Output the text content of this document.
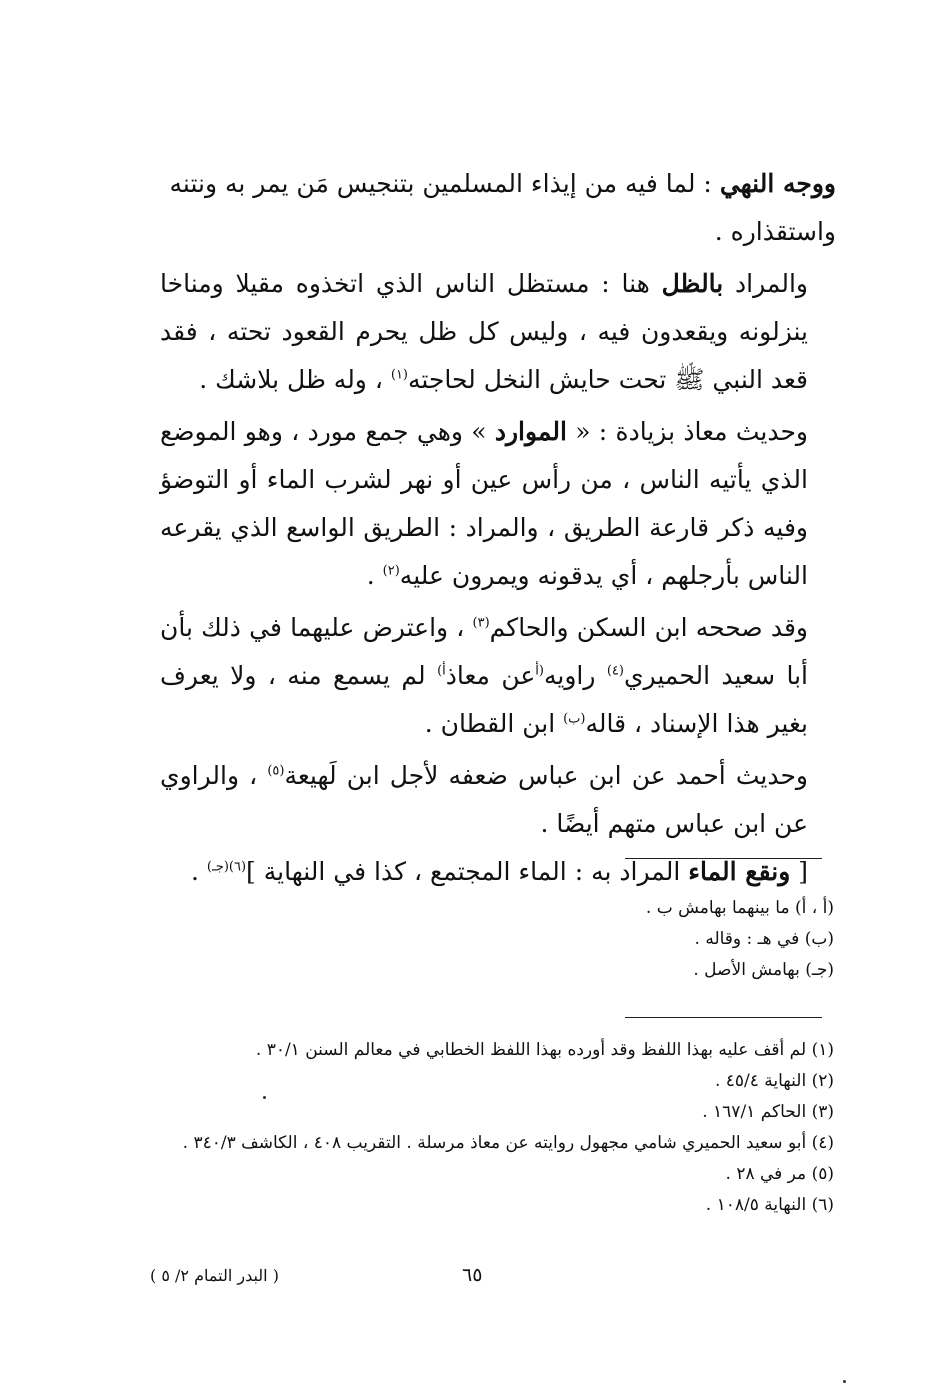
ووجه النهي : لما فيه من إيذاء المسلمين بتنجيس مَن يمر به ونتنه واستقذاره .

والمراد بالظل هنا : مستظل الناس الذي اتخذوه مقيلا ومناخا ينزلونه ويقعدون فيه ، وليس كل ظل يحرم القعود تحته ، فقد قعد النبي ﷺ تحت حايش النخل لحاجته$^{(١)}$ ، وله ظل بلاشك .

وحديث معاذ بزيادة : « الموارد » وهي جمع مورد ، وهو الموضع الذي يأتيه الناس ، من رأس عين أو نهر لشرب الماء أو التوضؤ وفيه ذكر قارعة الطريق ، والمراد : الطريق الواسع الذي يقرعه الناس بأرجلهم ، أي يدقونه ويمرون عليه$^{(٢)}$ .

وقد صححه ابن السكن والحاكم$^{(٣)}$ ، واعترض عليهما في ذلك بأن أبا سعيد الحميري$^{(٤)}$ راويه$^{(أ}$عن معاذ$^{أ)}$ لم يسمع منه ، ولا يعرف بغير هذا الإسناد ، قاله$^{(ب)}$ ابن القطان .

وحديث أحمد عن ابن عباس ضعفه لأجل ابن لَهيعة$^{(٥)}$ ، والراوي عن ابن عباس متهم أيضًا .

[ ونقع الماء المراد به : الماء المجتمع ، كذا في النهاية ]$^{(٦)(جـ)}$ .

(أ ، أ) ما بينهما بهامش ب .
(ب) في هـ : وقاله .
(جـ) بهامش الأصل .
(١) لم أقف عليه بهذا اللفظ وقد أورده بهذا اللفظ الخطابي في معالم السنن ٣٠/١ .
(٢) النهاية ٤٥/٤ .
(٣) الحاكم ١٦٧/١ .
(٤) أبو سعيد الحميري شامي مجهول روايته عن معاذ مرسلة . التقريب ٤٠٨ ، الكاشف ٣٤٠/٣ .
(٥) مر في ٢٨ .
(٦) النهاية ١٠٨/٥ .
٦٥
( البدر التمام ٢/ ٥ )
